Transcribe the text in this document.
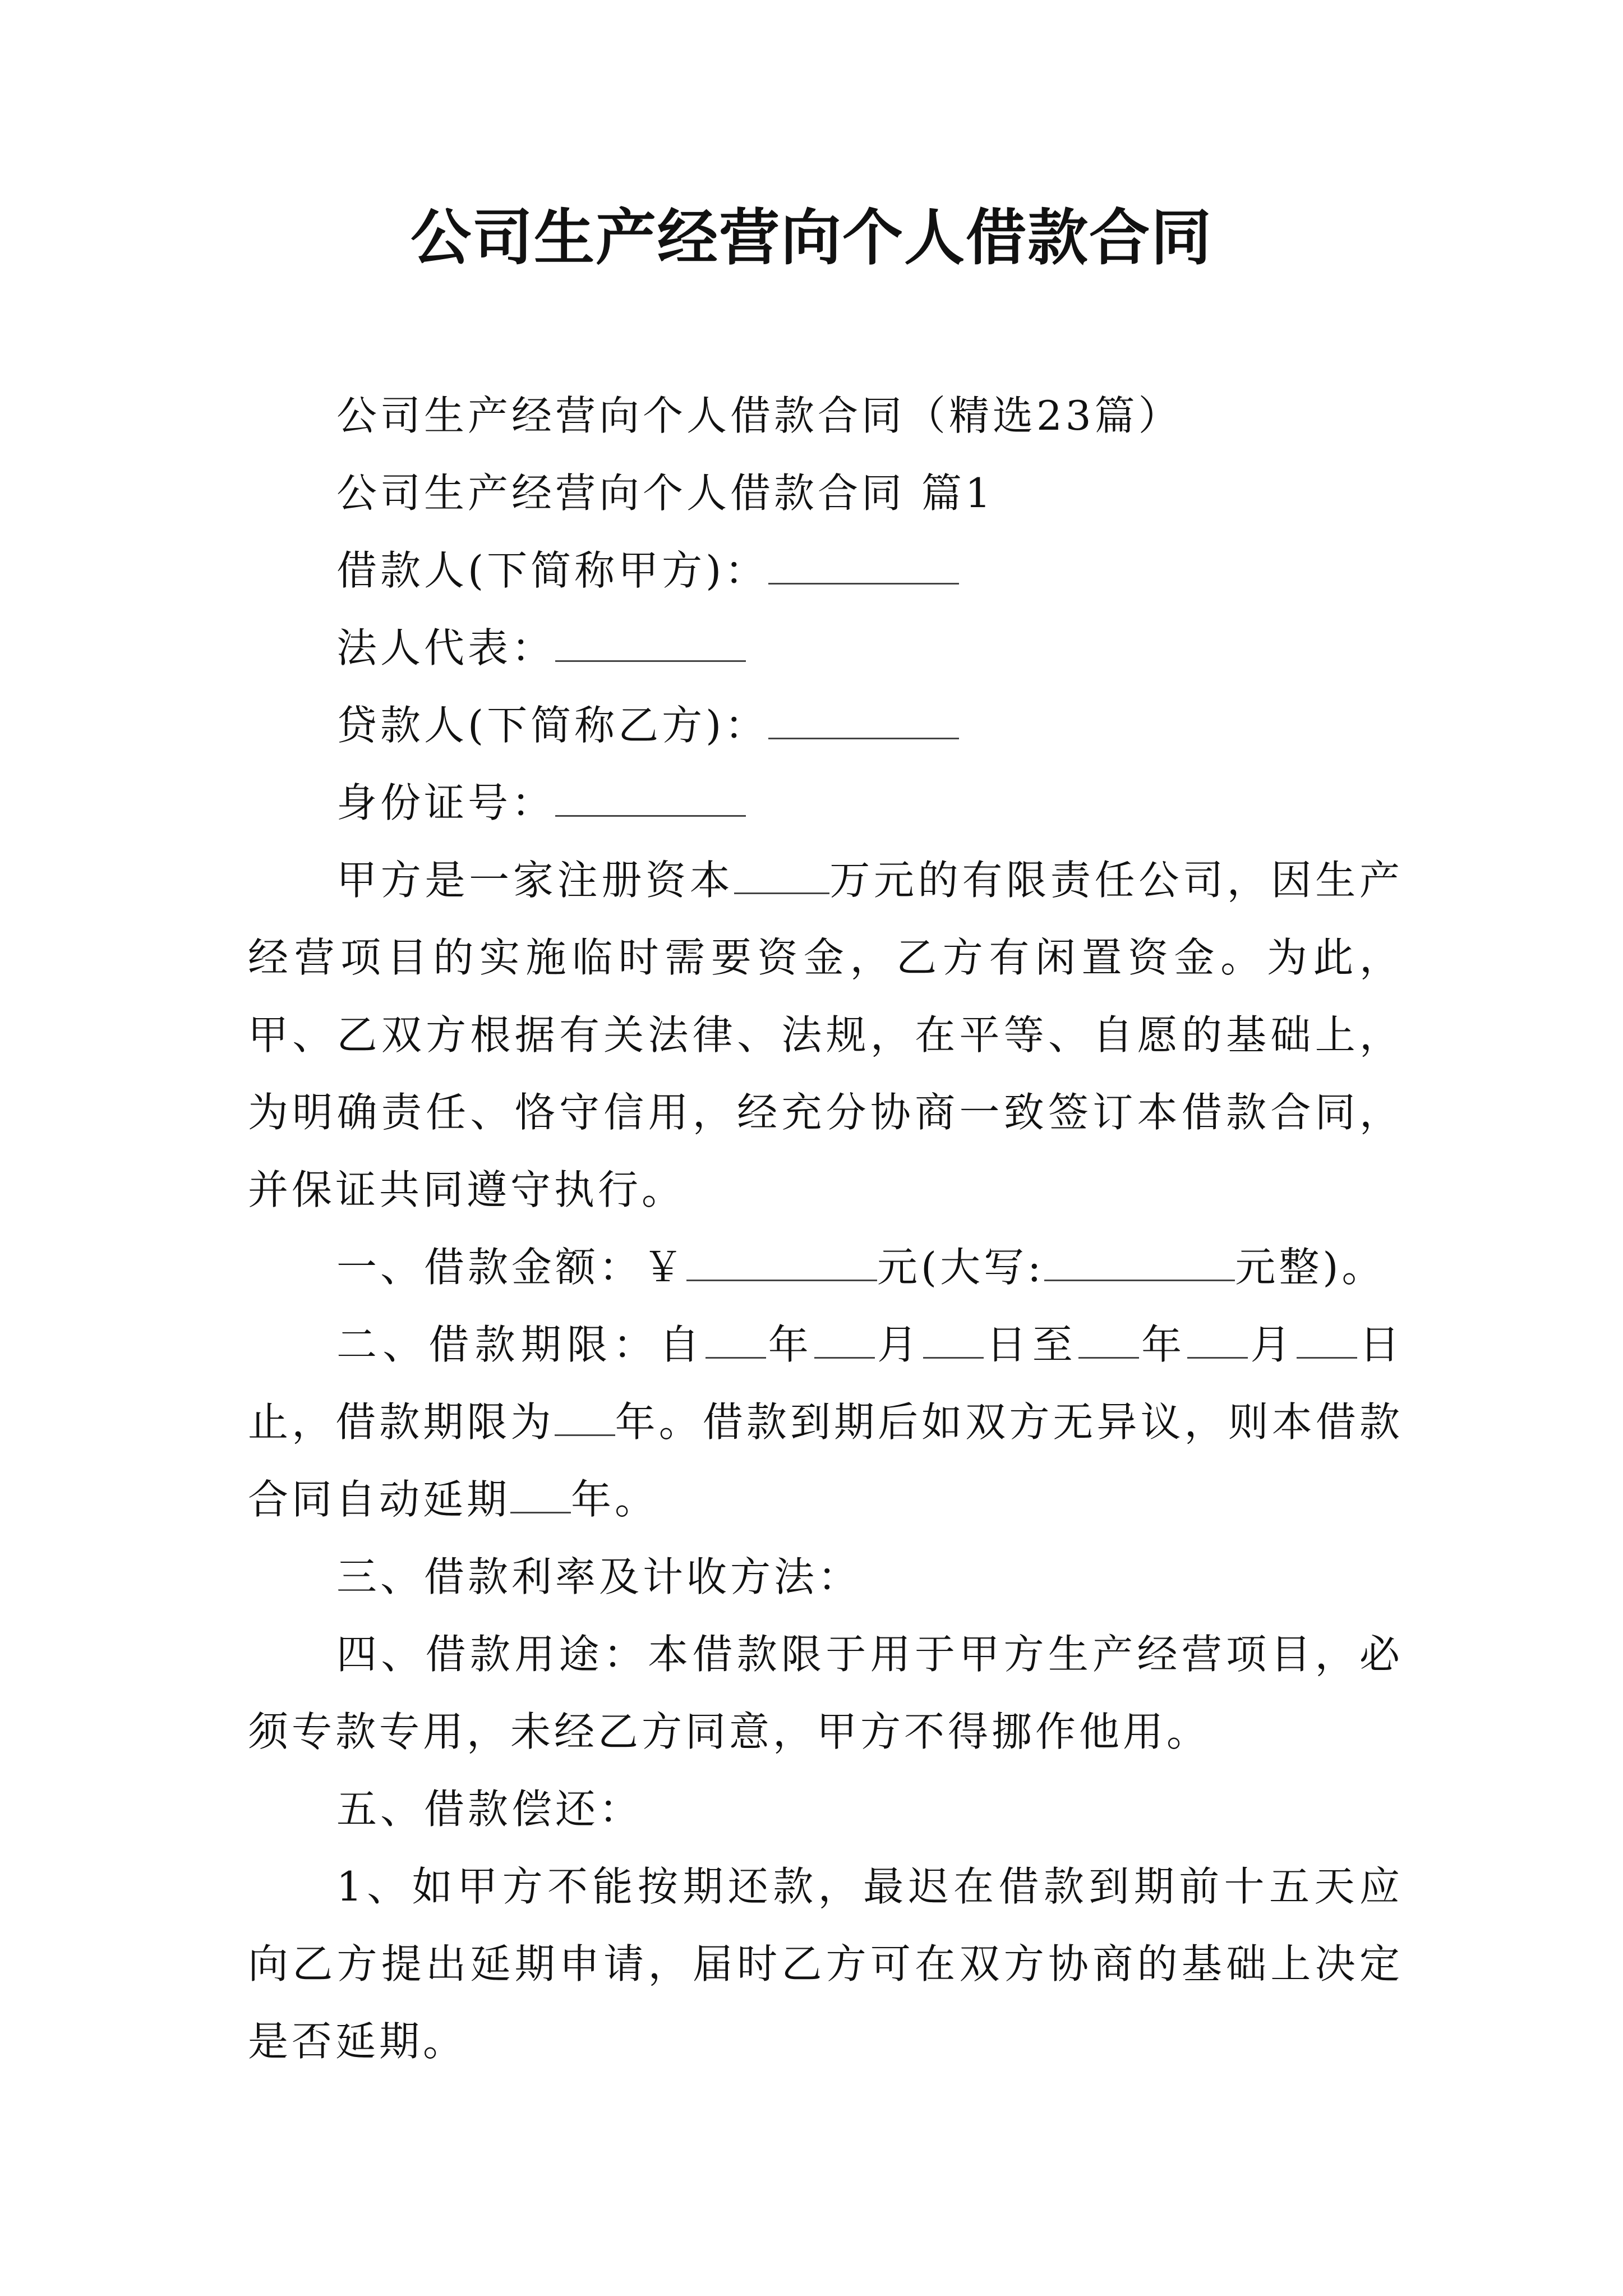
公司生产经营向个人借款合同

公司生产经营向个人借款合同（精选23篇）

公司生产经营向个人借款合同 篇1

借款人(下简称甲方)：

法人代表：

贷款人(下简称乙方)：

身份证号：

甲方是一家注册资本 万元的有限责任公司，因生产经营项目的实施临时需要资金，乙方有闲置资金。为此，甲、乙双方根据有关法律、法规，在平等、自愿的基础上，为明确责任、恪守信用，经充分协商一致签订本借款合同，并保证共同遵守执行。

一、借款金额：￥	元(大写:	元整)。

二、借款期限：自 年 月 日至 年 月 日止，借款期限为 年。借款到期后如双方无异议，则本借款合同自动延期 年。

三、借款利率及计收方法：

四、借款用途：本借款限于用于甲方生产经营项目，必须专款专用，未经乙方同意，甲方不得挪作他用。

五、借款偿还：

1、如甲方不能按期还款，最迟在借款到期前十五天应向乙方提出延期申请，届时乙方可在双方协商的基础上决定是否延期。
